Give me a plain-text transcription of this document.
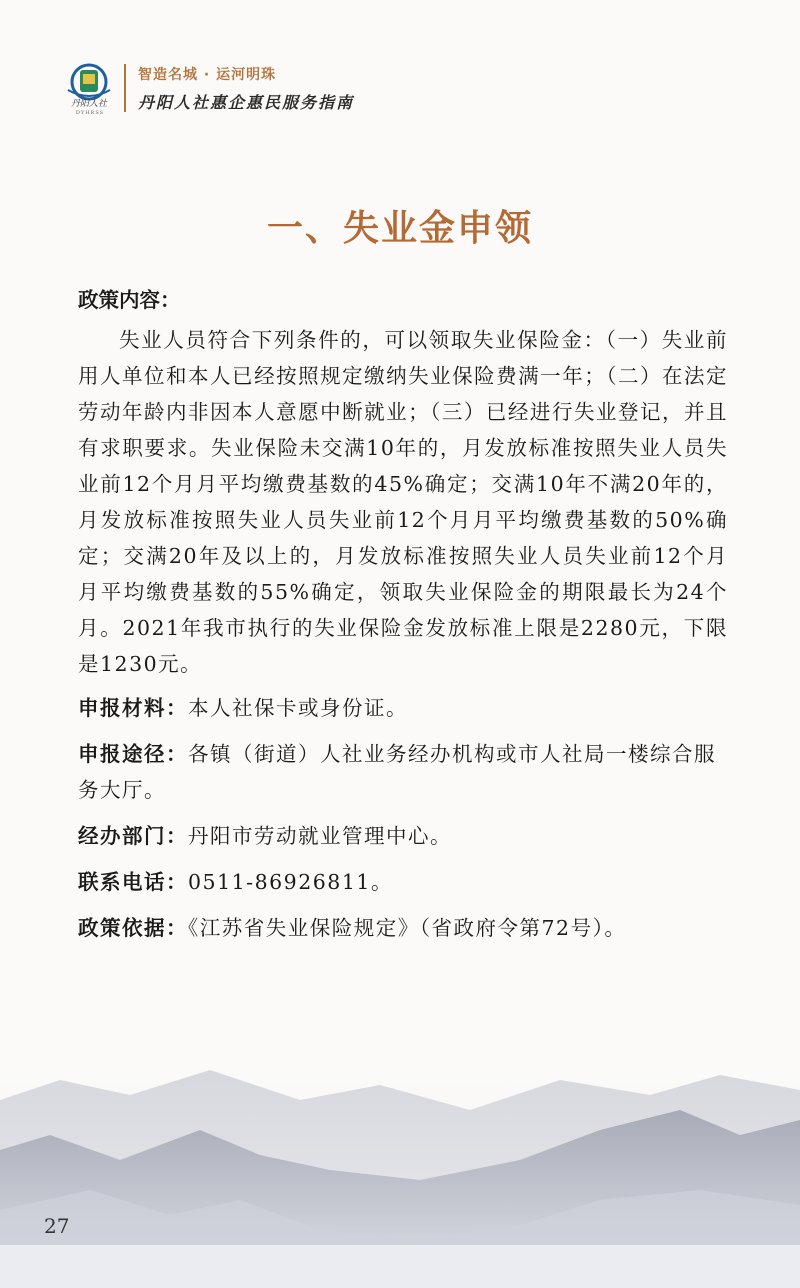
丹阳人社
DYHRSS
智造名城 · 运河明珠
丹阳人社惠企惠民服务指南
一、失业金申领

政策内容：

失业人员符合下列条件的，可以领取失业保险金：（一）失业前用人单位和本人已经按照规定缴纳失业保险费满一年；（二）在法定劳动年龄内非因本人意愿中断就业；（三）已经进行失业登记，并且有求职要求。失业保险未交满10年的，月发放标准按照失业人员失业前12个月月平均缴费基数的45%确定；交满10年不满20年的，月发放标准按照失业人员失业前12个月月平均缴费基数的50%确定；交满20年及以上的，月发放标准按照失业人员失业前12个月月平均缴费基数的55%确定，领取失业保险金的期限最长为24个月。2021年我市执行的失业保险金发放标准上限是2280元，下限是1230元。

申报材料：本人社保卡或身份证。

申报途径：各镇（街道）人社业务经办机构或市人社局一楼综合服务大厅。

经办部门：丹阳市劳动就业管理中心。

联系电话：0511-86926811。

政策依据：《江苏省失业保险规定》（省政府令第72号）。

27
